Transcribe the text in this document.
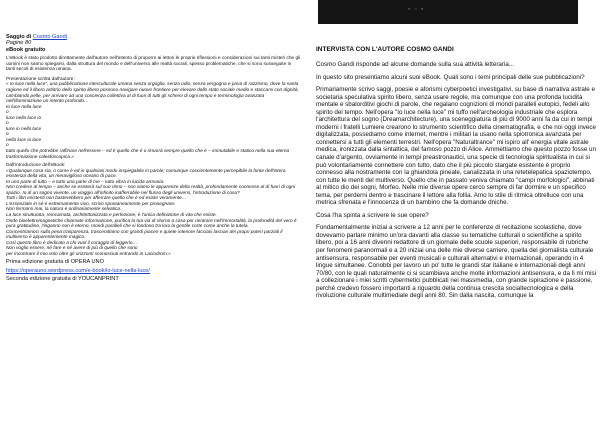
Saggio di Cosmo Gandi
Pagine 80
eBook gratuito

L'eBook è stato prodotto direttamente dall'autore nell'intento di proporre ai lettori le proprie riflessioni e considerazioni sui tanti misteri che gli uomini non sanno spiegarsi, dalla struttura del mondo e dell'universo alle realtà sociali, spesso problematiche, che si sono susseguite in tanti secoli di esistenza umana.

Presentazione scritta dall'autore:

« Io luce nella luce", una pubblicazione interculturale umana senza orgoglio, senza odio, senza vergogna e priva di razzismo, dove la santa ragione ed il libero arbitrio dello spirito libero possono navigare nuove frontiere per elevare dallo stato sociale medio e staccarsi con dignità, cambiando pelle, per arrivare ad una coscienza collettiva al di fuori di tutti gli schemi di ogni tempo e terminologia avanzata nell'illuminazione un intento profondo…

Io luce nella luce

o

luce nella luce io

o

luce io nella luce

o

nella luce io luce

o

tutto quello che potrebbe raffinare nell'essere – ed è quello che è o rimarrà sempre quello che è – immutabile e statico nella sua eterna trasformazione caleidoscopica.»

Dall'introduzione dell'eBook:

«Qualunque cosa sia, o come è ed in qualsiasi modo inspiegabile in parole; comunque coscientemente percepibile la fonte dell'intera esistenza della vita, un meraviglioso oceano di pace.

Io uno parte di tutto – e tutto una parte di me – tutto vibra in lucida armonia.

Non credere al tempo – anche se esisterà sul suo ritmo – non siamo le apparenze della realtà, profondamente connesse al di fuori di ogni spazio. Io di un sogno vivente, un viaggio all'infinito inafferrabile nel flusso degli universi, l'introduzione di cosa?

Tutti i libri esistenti non basterebbero per afferrare quello che è ed esiste veramente…

L'essenziale in sé è estremamente vivo, scrivo spontaneamente per prosegnare.

Non fermarsi mai, la natura è ordinariamente selvatica.

La luce strutturata, reincarnata, architettonizzata e perfezione, è l'unica definizione di vita che esiste.

Onde bioelettromagnetiche chiamate informazione, purifica la tua via di ritorno a casa per rientrare nell'immortalità, la profondità del vero è pura gratitudine, l'inganno non è eterno, mondi paralleli che si fondono tra loro la gentile corte come anche la tutela.

Concentriamoci sulla pena trasparenza, trascendiamo con grandi piaceri e quiete interiore facciasi lasciari dei propri poteri parziali il multiverso è apparentemente magico.

Così questo libro è dedicato a chi vuol il coraggio di leggerlo…

Non voglio essere, né fare e né avere di più di quello che sono

per incontrare il mio volo oltre gli orizzonti sconosciuti entrando in Laciodrom.»

Prima edizione gratuita di OPERA UNO

https://operauno.wordpress.com/e-book/io-luce-nella-luce/

Seconda edizione gratuita di YOUCANPRINT

▪ ▫ ▪
INTERVISTA CON L'AUTORE COSMO GANDI

Cosmo Gandi risponde ad alcune domande sulla sua attività letteraria...

In questo sito presentiamo alcuni suoi eBook. Quali sono i temi principali delle sue pubblicazioni?

Primariamente scrivo saggi, poesie e aforismi cyberpoetici investigativi, su base di narrativa astrale e societaria speculativa spirito libero, senza usare regole, ma comunque con una profonda lucidità mentale e sbalorditivi giochi di parole, che regalano cognizioni di mondi paralleli eutopici, fedeli allo spirito del tempo. Nell'opera "Io luce nella luce" mi tuffo nell'archeologia industriale che esplora l'architettura del sogno (Dreamarchitecture), una sceneggiatura di più di 9000 anni fa da cui in tempi moderni i fratelli Lumiere crearono lo strumento scientifico della cinematografia, e che noi oggi invece digitalizzata, possediamo come internet, mentre i militari la usano nella spiotronica avanzata per connettersi a tutti gli elementi terrestri. Nell'opera "Naturaltrance" mi ispiro all' energia vitale astrale medica, ironizzata dalla sintattica, del famoso pozzo di Alice. Ammettiamo che questo pozzo fosse un canale d'argento, ovviamente in tempi preastronautici, una specie di tecnologia spiritualista in cui si può volontariamente connettere con tutto, dato che il più piccolo stargate esistente è proprio connesso alla nostramente con la ghiandola pineale, canalizzata in una retetelepatica spaziotempo, con tutte le menti del multiverso. Quello che in passato veniva chiamato "campi morfologici", abbinati al mitico dio dei sogni, Morfeo. Nelle mie diverse opere cerco sempre di far dormire e un specifico tema, per perderni dentro e trascinare il lettore alla follia. Amo lo stile di ritmica oltrelluce con una metrica sfrenata e l'innocenza di un bambino che fa domande dniche.

Cosa l'ha spinta a scrivere le sue opere?

Fondamentalmente iniziai a scrivere a 12 anni per le conferenze di recitazione scolastiche, dove dovevamo parlare minimo un'ora davanti alla classe su tematiche culturali o scientifiche a spirito libero, poi a 16 anni divenni redattore di un giornale delle scuole superiori, responsabile di rubriche per fenomeni paranormali e a 20 iniziai una delle mie diverse carriere, quella del giornalista culturale antisensura, responsabile per eventi musicali e culturali alternativi e internazionali, operando in 4 lingue simultanee. Conobbi per lavoro un po' tutte le grandi star italiane e internazionali degli anni 70/80, con le quali naturalmente ci si scambiava anche molte informazioni antisensura, e da lì mi misi a collezionare i miei scritti cybermetici pubblicati nei massmedia, con grande ispirazione e passione, perché credevo fossero importanti a riguardo della continua crescita socialtecnologica e della rivoluzione culturale multimediale degli anni 80. Sin dalla nascita, comunque la
